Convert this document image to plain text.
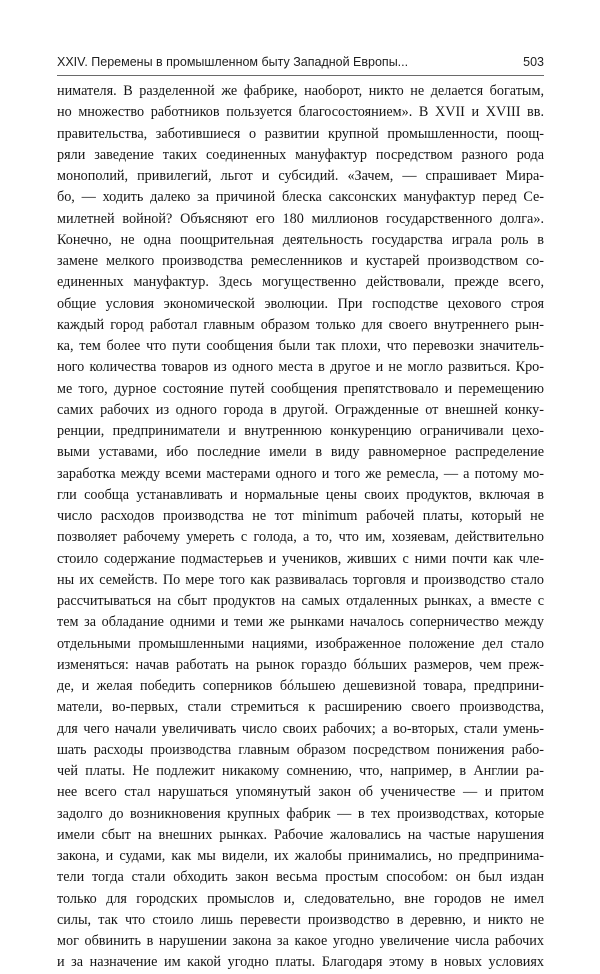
XXIV. Перемены в промышленном быту Западной Европы...	503
нимателя. В разделенной же фабрике, наоборот, никто не делается богатым,
но множество работников пользуется благосостоянием». В XVII и XVIII вв.
правительства, заботившиеся о развитии крупной промышленности, поощ-
ряли заведение таких соединенных мануфактур посредством разного рода
монополий, привилегий, льгот и субсидий. «Зачем, — спрашивает Мира-
бо, — ходить далеко за причиной блеска саксонских мануфактур перед Се-
милетней войной? Объясняют его 180 миллионов государственного долга».
Конечно, не одна поощрительная деятельность государства играла роль в
замене мелкого производства ремесленников и кустарей производством со-
единенных мануфактур. Здесь могущественно действовали, прежде всего,
общие условия экономической эволюции. При господстве цехового строя
каждый город работал главным образом только для своего внутреннего рын-
ка, тем более что пути сообщения были так плохи, что перевозки значитель-
ного количества товаров из одного места в другое и не могло развиться. Кро-
ме того, дурное состояние путей сообщения препятствовало и перемещению
самих рабочих из одного города в другой. Огражденные от внешней конку-
ренции, предприниматели и внутреннюю конкуренцию ограничивали цехо-
выми уставами, ибо последние имели в виду равномерное распределение
заработка между всеми мастерами одного и того же ремесла, — а потому мо-
гли сообща устанавливать и нормальные цены своих продуктов, включая в
число расходов производства не тот minimum рабочей платы, который не
позволяет рабочему умереть с голода, а то, что им, хозяевам, действительно
стоило содержание подмастерьев и учеников, живших с ними почти как чле-
ны их семейств. По мере того как развивалась торговля и производство стало
рассчитываться на сбыт продуктов на самых отдаленных рынках, а вместе с
тем за обладание одними и теми же рынками началось соперничество между
отдельными промышленными нациями, изображенное положение дел стало
изменяться: начав работать на рынок гораздо бóльших размеров, чем преж-
де, и желая победить соперников бóльшею дешевизной товара, предприни-
матели, во-первых, стали стремиться к расширению своего производства,
для чего начали увеличивать число своих рабочих; а во-вторых, стали умень-
шать расходы производства главным образом посредством понижения рабо-
чей платы. Не подлежит никакому сомнению, что, например, в Англии ра-
нее всего стал нарушаться упомянутый закон об ученичестве — и притом
задолго до возникновения крупных фабрик — в тех производствах, которые
имели сбыт на внешних рынках. Рабочие жаловались на частые нарушения
закона, и судами, как мы видели, их жалобы принимались, но предпринима-
тели тогда стали обходить закон весьма простым способом: он был издан
только для городских промыслов и, следовательно, вне городов не имел
силы, так что стоило лишь перевести производство в деревню, и никто не
мог обвинить в нарушении закона за какое угодно увеличение числа рабочих
и за назначение им какой угодно платы. Благодаря этому в новых условиях
